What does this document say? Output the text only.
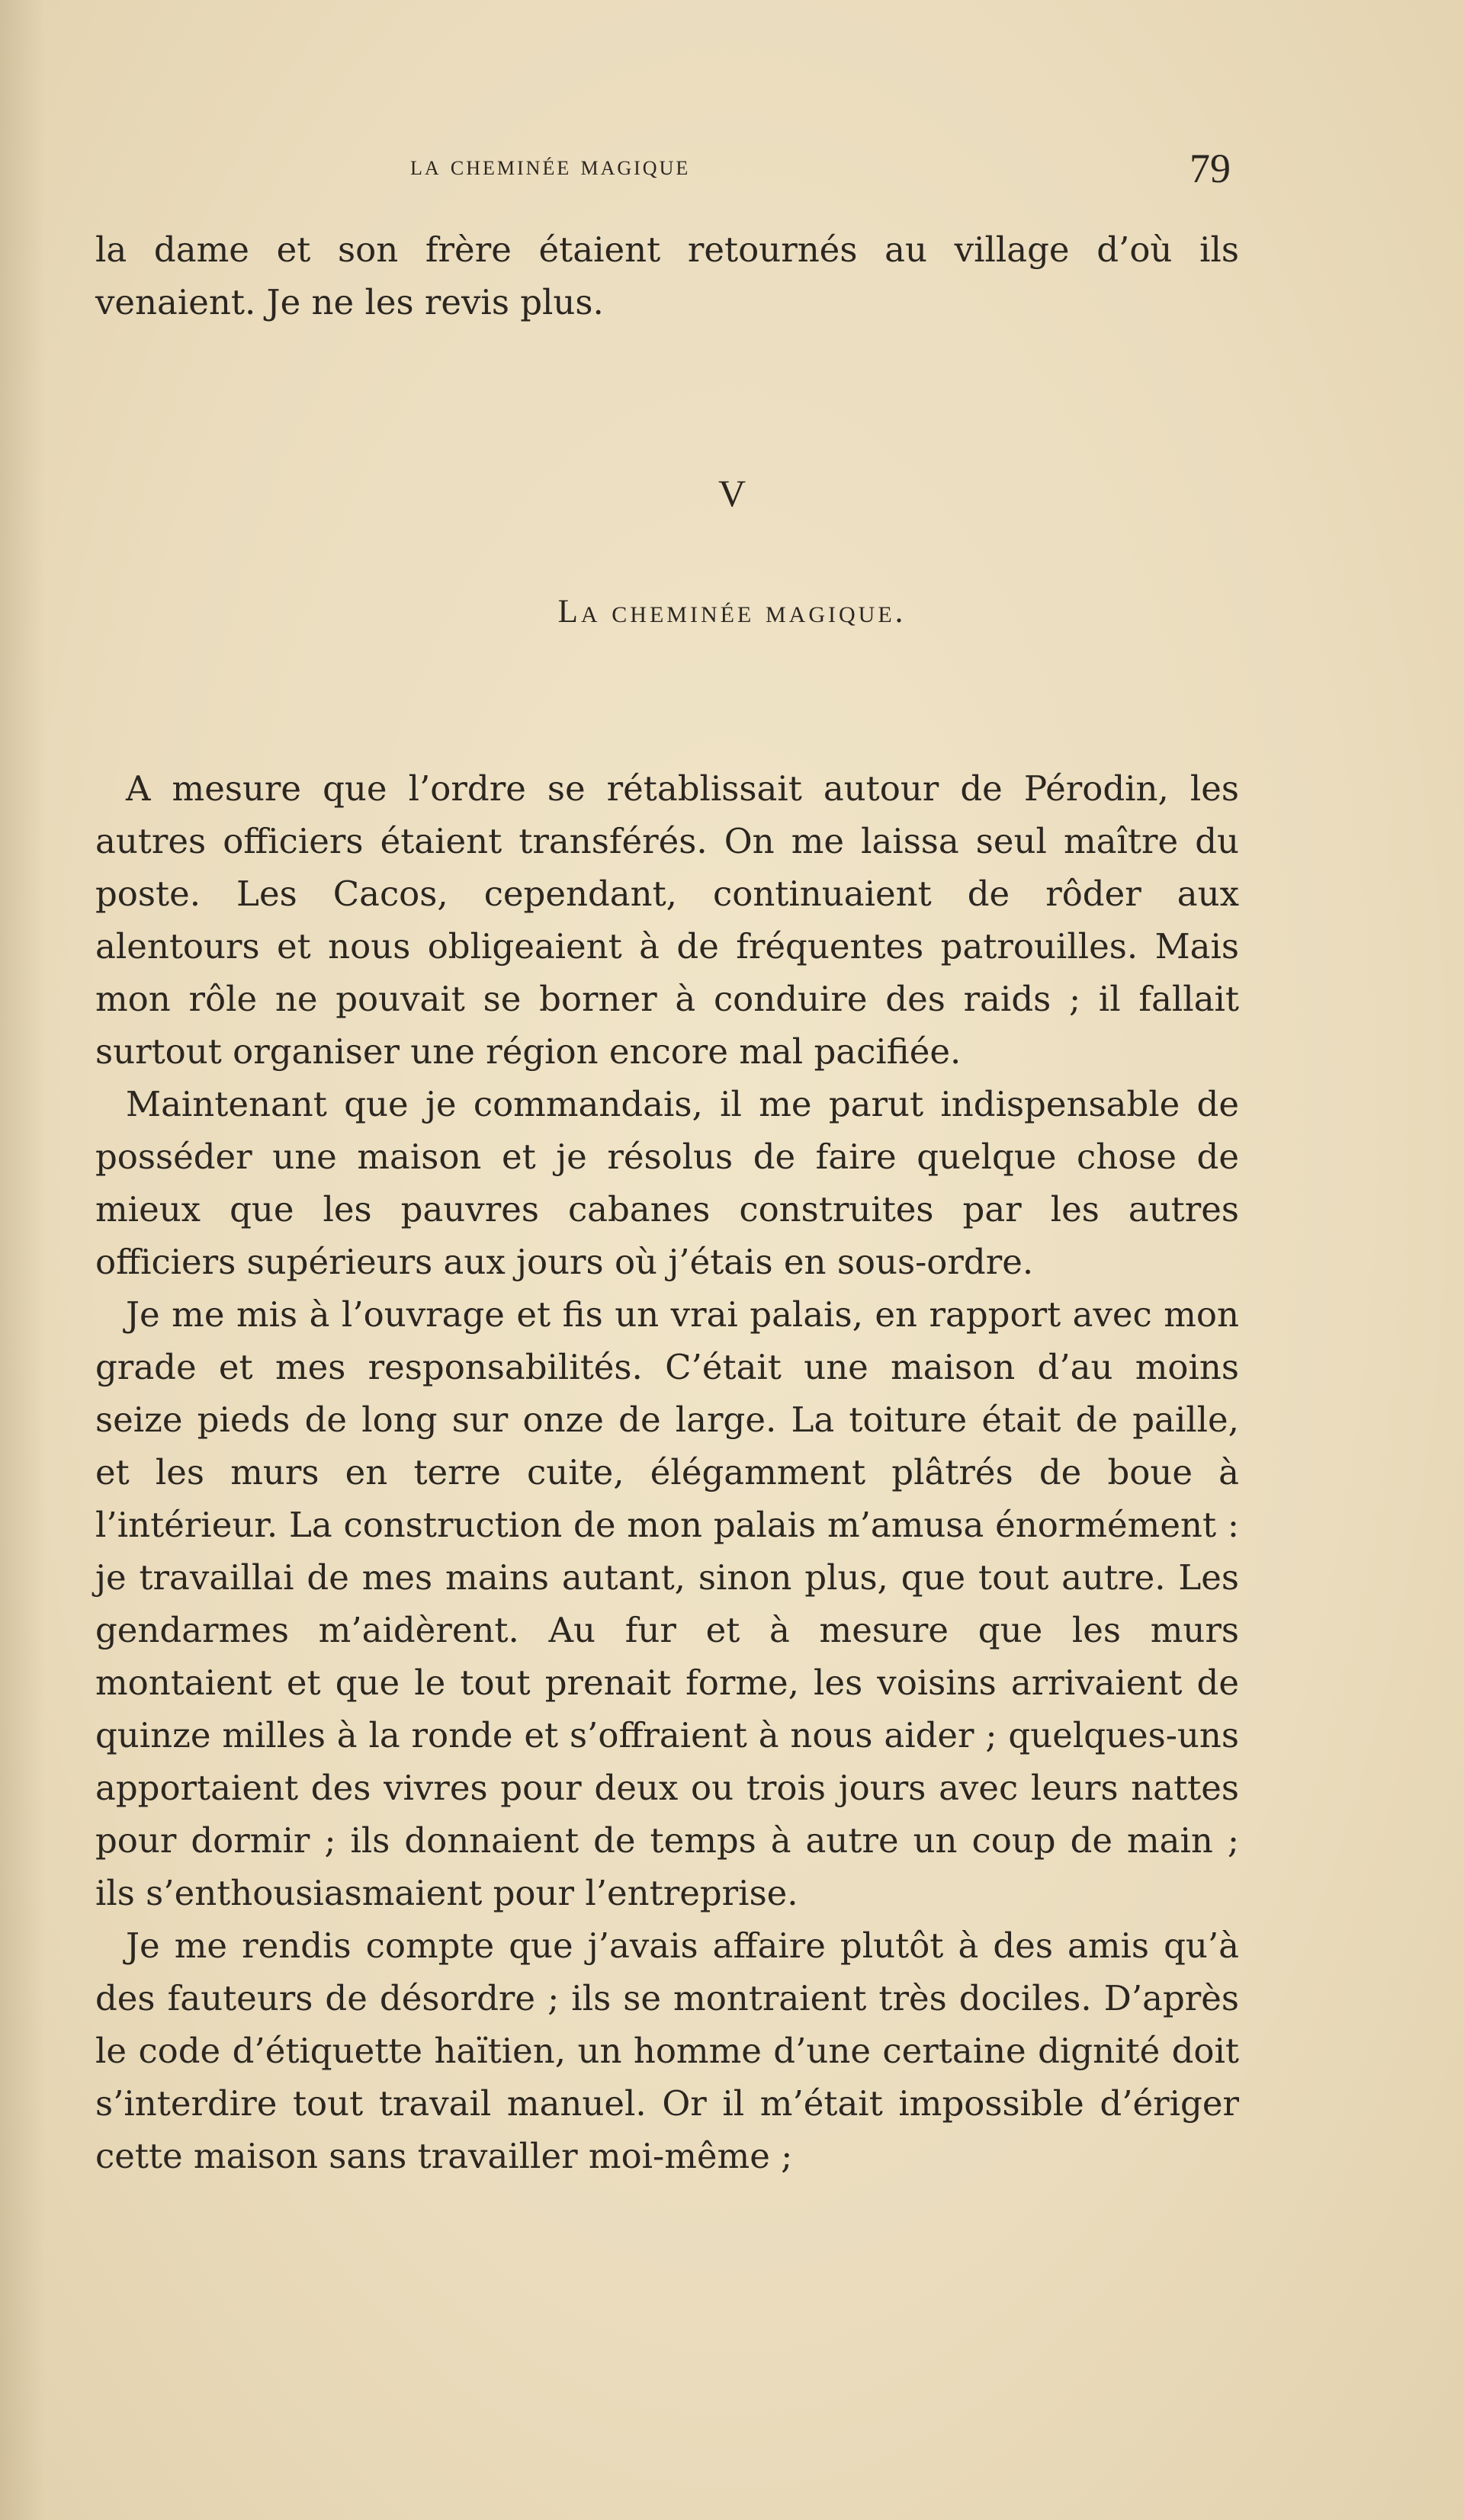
la cheminée magique	79

la dame et son frère étaient retournés au village d’où ils venaient. Je ne les revis plus.

V
La cheminée magique.

A mesure que l’ordre se rétablissait autour de Pérodin, les autres officiers étaient transférés. On me laissa seul maître du poste. Les Cacos, cependant, continuaient de rôder aux alentours et nous obligeaient à de fréquentes patrouilles. Mais mon rôle ne pouvait se borner à conduire des raids ; il fallait surtout organiser une région encore mal pacifiée.

Maintenant que je commandais, il me parut indispensable de posséder une maison et je résolus de faire quelque chose de mieux que les pauvres cabanes construites par les autres officiers supérieurs aux jours où j’étais en sous-ordre.

Je me mis à l’ouvrage et fis un vrai palais, en rapport avec mon grade et mes responsabilités. C’était une maison d’au moins seize pieds de long sur onze de large. La toiture était de paille, et les murs en terre cuite, élégamment plâtrés de boue à l’intérieur. La construction de mon palais m’amusa énormément : je travaillai de mes mains autant, sinon plus, que tout autre. Les gendarmes m’aidèrent. Au fur et à mesure que les murs montaient et que le tout prenait forme, les voisins arrivaient de quinze milles à la ronde et s’offraient à nous aider ; quelques-uns apportaient des vivres pour deux ou trois jours avec leurs nattes pour dormir ; ils donnaient de temps à autre un coup de main ; ils s’enthousiasmaient pour l’entreprise.

Je me rendis compte que j’avais affaire plutôt à des amis qu’à des fauteurs de désordre ; ils se montraient très dociles. D’après le code d’étiquette haïtien, un homme d’une certaine dignité doit s’interdire tout travail manuel. Or il m’était impossible d’ériger cette maison sans travailler moi-même ;
